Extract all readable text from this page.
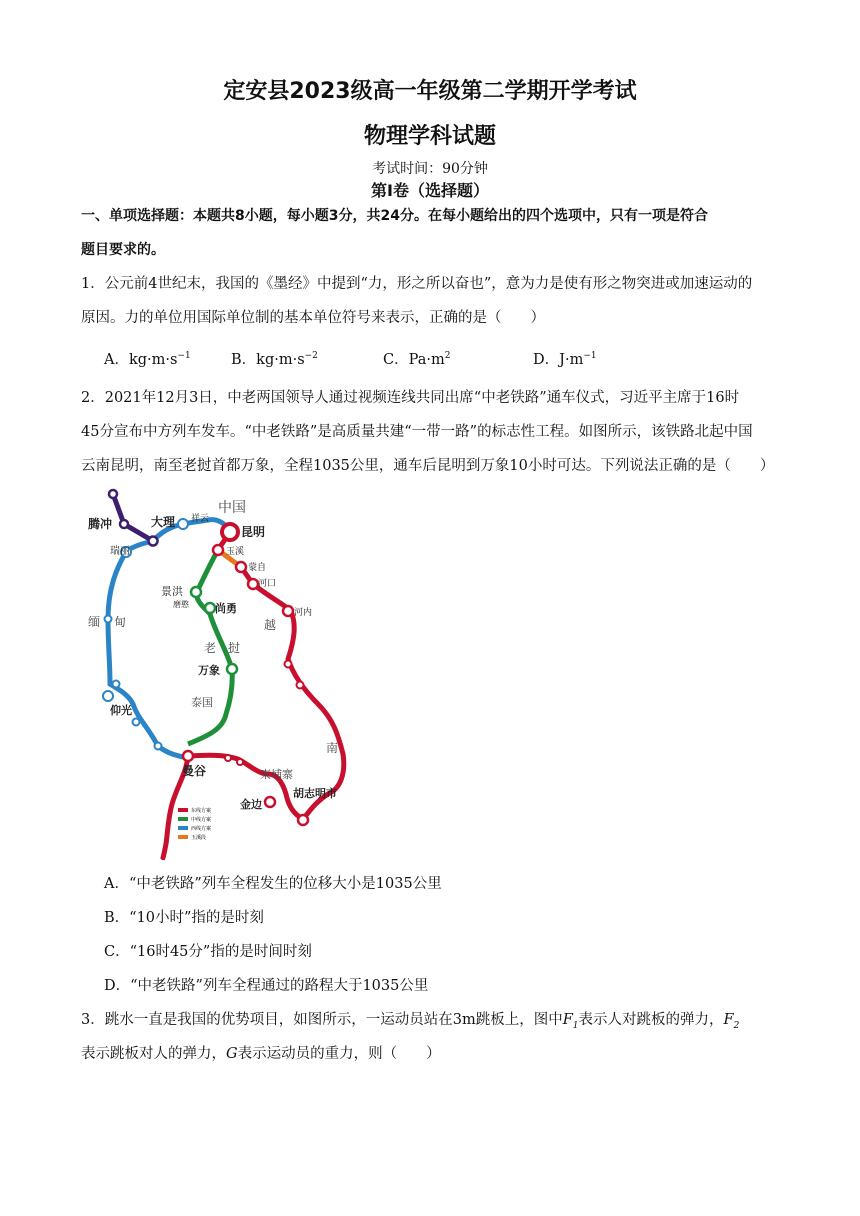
定安县2023级高一年级第二学期开学考试
物理学科试题
考试时间：90分钟
第Ⅰ卷（选择题）
一、单项选择题：本题共8小题，每小题3分，共24分。在每小题给出的四个选项中，只有一项是符合
题目要求的。
1．公元前4世纪末，我国的《墨经》中提到“力，形之所以奋也”，意为力是使有形之物突进或加速运动的
原因。力的单位用国际单位制的基本单位符号来表示，正确的是（　　）
A．$kg\cdot m\cdot s^{-1}$	B．$kg\cdot m\cdot s^{-2}$	C．$Pa\cdot m^2$	D．$J\cdot m^{-1}$
2．2021年12月3日，中老两国领导人通过视频连线共同出席“中老铁路”通车仪式，习近平主席于16时
45分宣布中方列车发车。“中老铁路”是高质量共建“一带一路”的标志性工程。如图所示，该铁路北起中国
云南昆明，南至老挝首都万象，全程1035公里，通车后昆明到万象10小时可达。下列说法正确的是（　　）
中国
昆明
腾冲	大理 祥云
瑞丽	玉溪
蒙自
河口
景洪
磨憨 尚勇	河内
越
缅 甸
老 挝
万象
泰国
仰光
南
曼谷	柬埔寨
金边
胡志明市
东线方案
中线方案
西线方案
玉溪段
A．“中老铁路”列车全程发生的位移大小是1035公里
B．“10小时”指的是时刻
C．“16时45分”指的是时间时刻
D．“中老铁路”列车全程通过的路程大于1035公里
3．跳水一直是我国的优势项目，如图所示，一运动员站在3m跳板上，图中$F_1$表示人对跳板的弹力，$F_2$
表示跳板对人的弹力，G表示运动员的重力，则（　　）
